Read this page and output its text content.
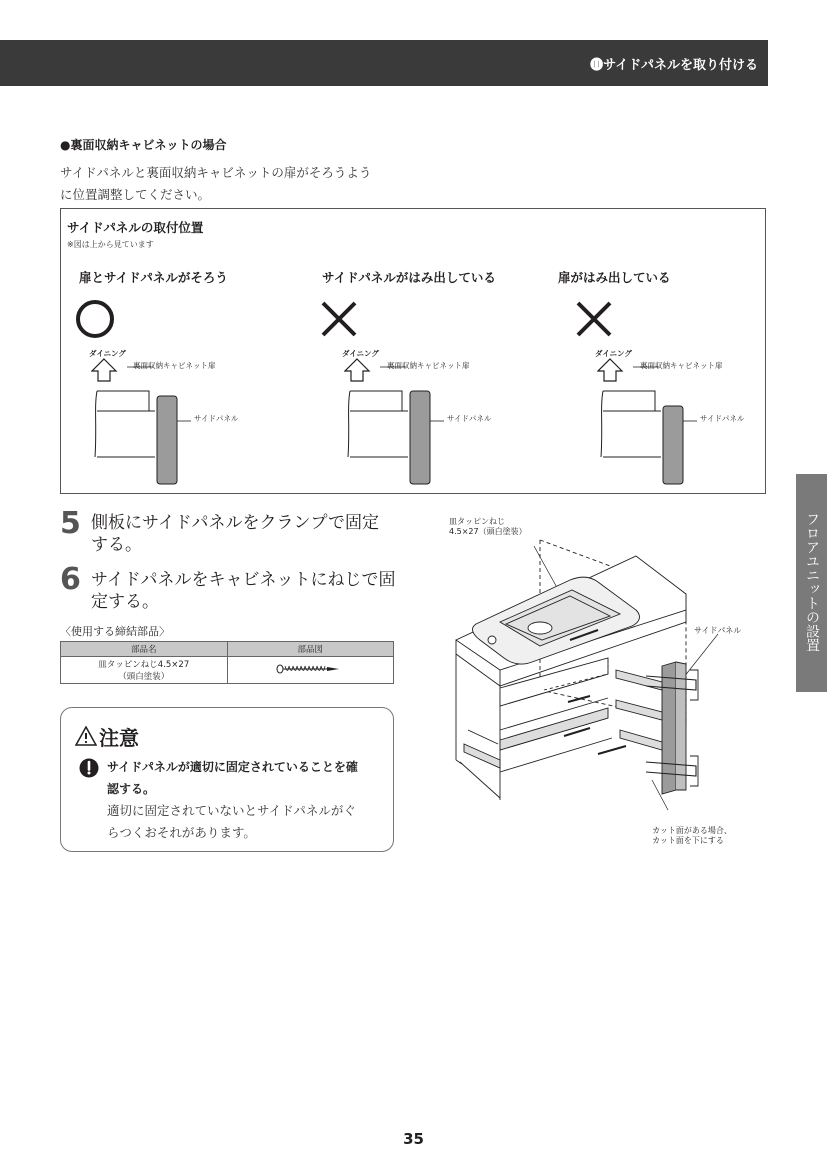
⓫サイドパネルを取り付ける
●裏面収納キャビネットの場合
サイドパネルと裏面収納キャビネットの扉がそろうよう
に位置調整してください。
サイドパネルの取付位置
※図は上から見ています
扉とサイドパネルがそろう	サイドパネルがはみ出している	扉がはみ出している
ダイニング
裏面収納キャビネット扉
サイドパネル
ダイニング
裏面収納キャビネット扉
サイドパネル
ダイニング
裏面収納キャビネット扉
サイドパネル
5 側板にサイドパネルをクランプで固定
する。
6 サイドパネルをキャビネットにねじで固
定する。
〈使用する締結部品〉
部品名	部品図

皿タッピンねじ4.5×27
（頭白塗装）

注意
サイドパネルが適切に固定されていることを確
認する。
適切に固定されていないとサイドパネルがぐ
らつくおそれがあります。
皿タッピンねじ
4.5×27（頭白塗装）
サイドパネル
カット面がある場合、
カット面を下にする
フロアユニットの設置
35
